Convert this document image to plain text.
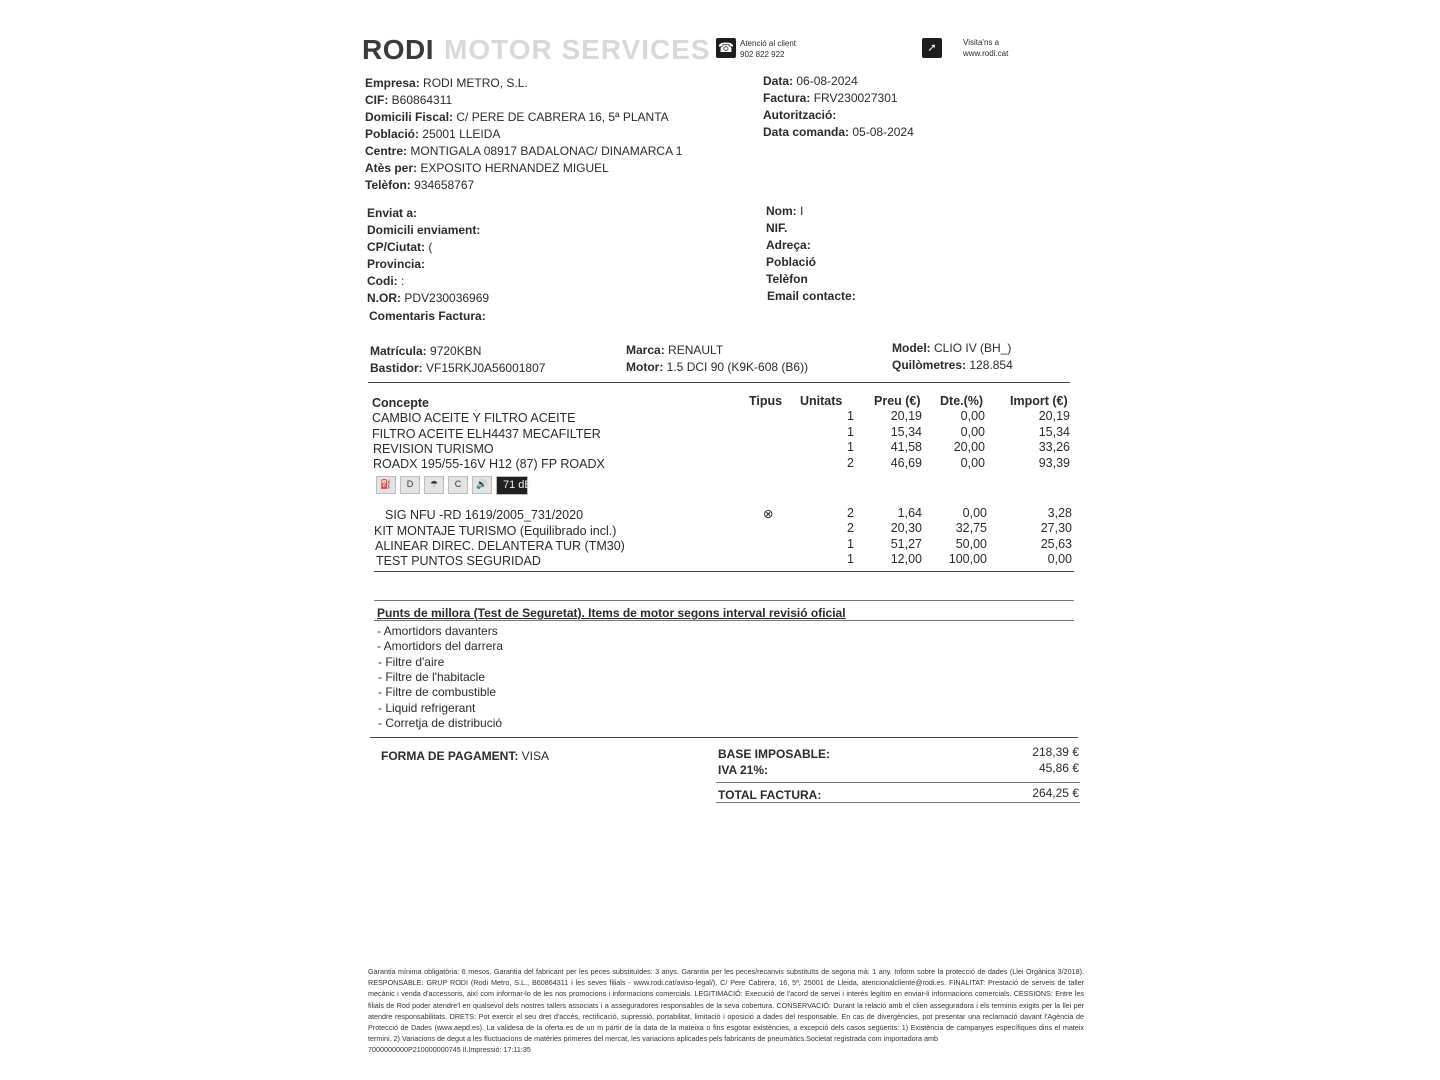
RODI MOTOR SERVICES ☎ Atenció al client
902 822 922
➚	Visita'ns a
www.rodi.cat
Empresa: RODI METRO, S.L.
CIF: B60864311
Domicili Fiscal: C/ PERE DE CABRERA 16, 5ª PLANTA
Població: 25001 LLEIDA
Centre: MONTIGALA 08917 BADALONAC/ DINAMARCA 1
Atès per: EXPOSITO HERNANDEZ MIGUEL
Telèfon: 934658767
Data: 06-08-2024
Factura: FRV230027301
Autorització:
Data comanda: 05-08-2024
Enviat a:
Domicili enviament:
CP/Ciutat: (
Provincia:
Codi: :
N.OR: PDV230036969
Comentaris Factura:
Nom: I
NIF.
Adreça:
Població
Telèfon
Email contacte:
Matrícula: 9720KBN
Bastidor: VF15RKJ0A56001807
Marca: RENAULT
Motor: 1.5 DCI 90 (K9K-608 (B6))
Model: CLIO IV (BH_)
Quilòmetres: 128.854
Concepte	Tipus Unitats	Preu (€) Dte.(%) Import (€)
CAMBIO ACEITE Y FILTRO ACEITE	1	20,19	0,00	20,19
FILTRO ACEITE ELH4437 MECAFILTER	1	15,34	0,00	15,34
REVISION TURISMO	1	41,58	20,00	33,26
ROADX 195/55-16V H12 (87) FP ROADX	2	46,69	0,00	93,39
⛽	D	☂	C	🔊	71 dB
SIG NFU -RD 1619/2005_731/2020	⊗	2	1,64	0,00	3,28
KIT MONTAJE TURISMO (Equilibrado incl.)	2	20,30	32,75	27,30
ALINEAR DIREC. DELANTERA TUR (TM30)	1	51,27	50,00	25,63
TEST PUNTOS SEGURIDAD	1	12,00	100,00	0,00
Punts de millora (Test de Seguretat). Items de motor segons interval revisió oficial
- Amortidors davanters
- Amortidors del darrera
- Filtre d'aire
- Filtre de l'habitacle
- Filtre de combustible
- Liquid refrigerant
- Corretja de distribució
FORMA DE PAGAMENT: VISA	BASE IMPOSABLE:	218,39 €
IVA 21%:	45,86 €
TOTAL FACTURA:	264,25 €
Garantia mínima obligatòria: 6 mesos. Garantia del fabricant per les peces substituïdes: 3 anys. Garantia per les peces/recanvis substituïts de segona mà: 1 any. Inform sobre la protecció de dades (Llei Orgànica 3/2018). RESPONSABLE: GRUP RODI (Rodi Metro, S.L., B60864311 i les seves filials - www.rodi.cat/aviso-legal/), C/ Pere Cabrera, 16, 5ª, 25001 de Lleida, atencionalcliente@rodi.es. FINALITAT: Prestació de serveis de taller mecànic i venda d'accessoris, així com informar-lo de les nos promocions i informacions comercials. LEGITIMACIÓ: Execució de l'acord de servei i interès legítim en enviar-li informacions comercials. CESSIONS: Entre les filials de Rod poder atendre'l en qualsevol dels nostres tallers associats i a asseguradores responsables de la seva cobertura. CONSERVACIÓ: Durant la relació amb el clien asseguradora i els terminis exigits per la llei per atendre responsabilitats. DRETS: Pot exercir el seu dret d'accés, rectificació, supressió, portabilitat, limitació i oposició a dades del responsable. En cas de divergències, pot presentar una reclamació davant l'Agència de Protecció de Dades (www.aepd.es). La validesa de la oferta es de un m partir de la data de la mateixa o fins esgotar existències, a excepció dels casos següents: 1) Existència de campanyes específiques dins el mateix termini. 2) Variacions de degut a les fluctuacions de matèries primeres del mercat, les variacions aplicades pels fabricants de pneumàtics.Societat registrada com importadora amb
7000000000P210000000745 Il.Impressió: 17:11:35
